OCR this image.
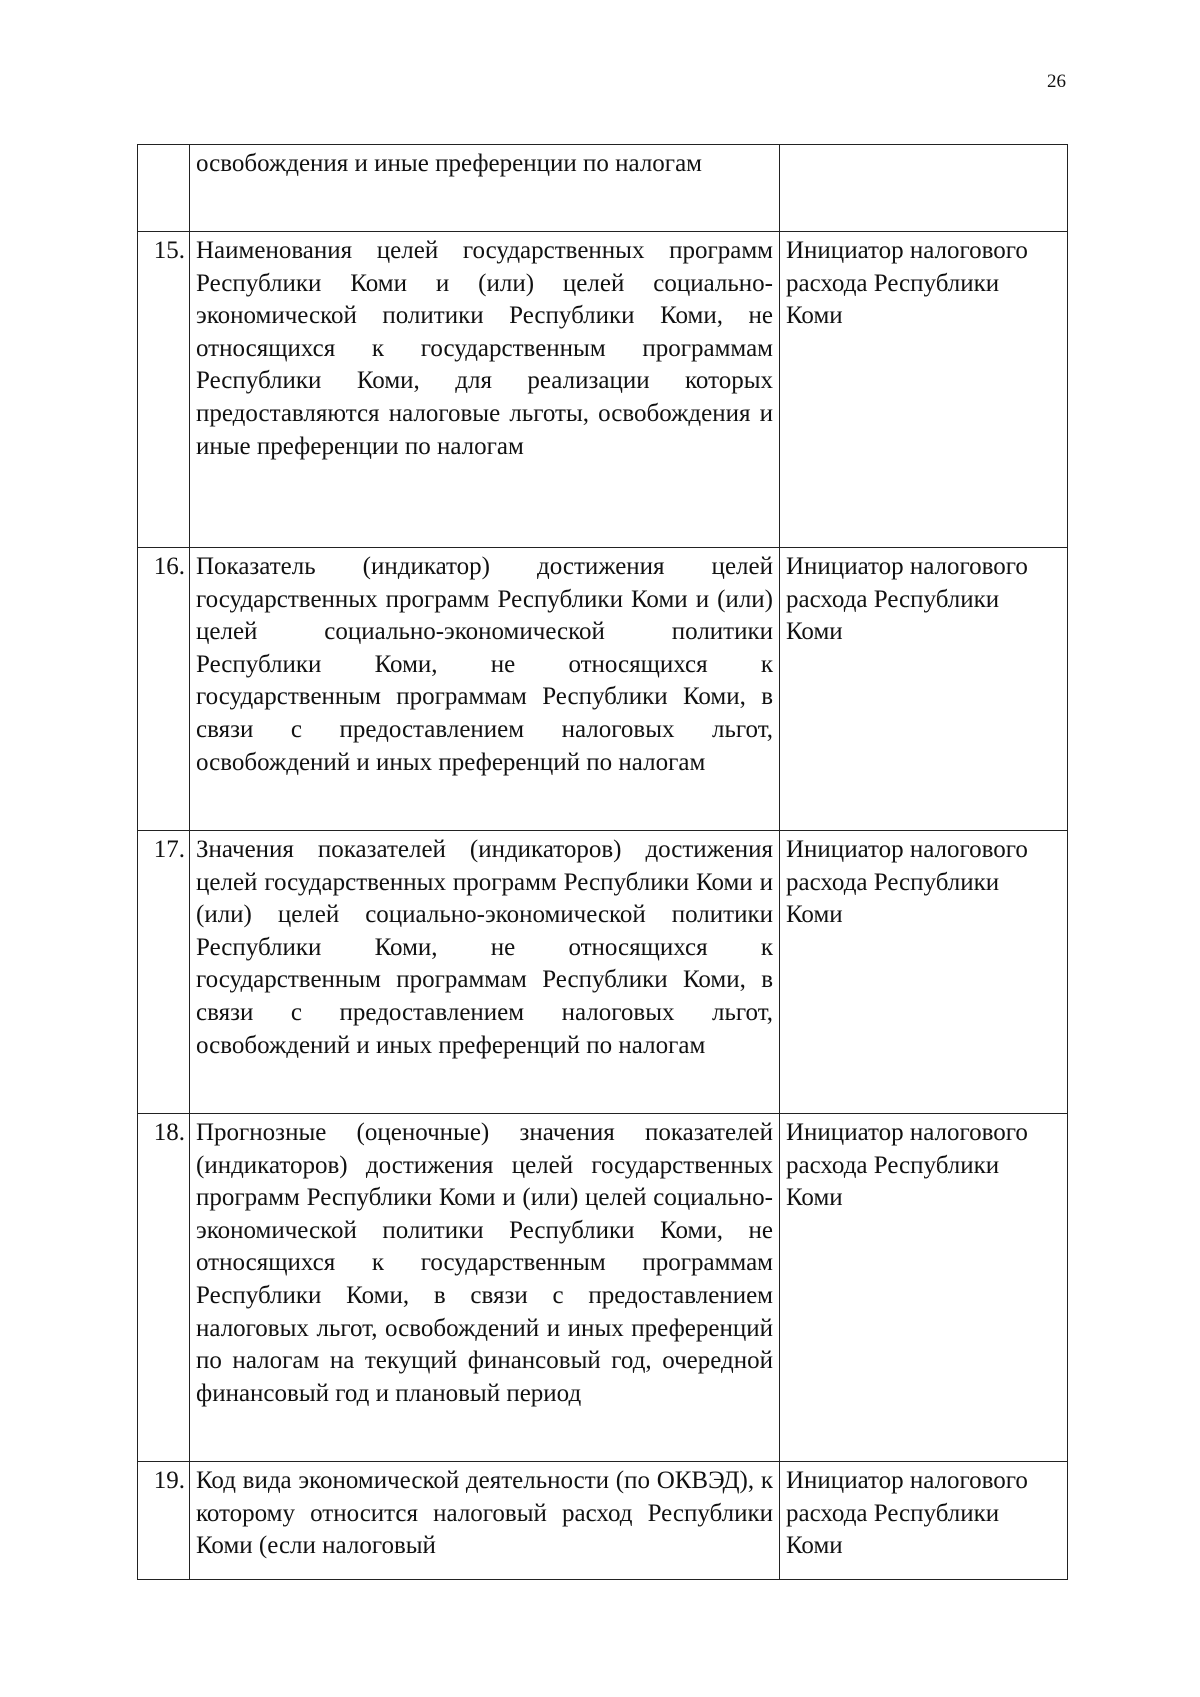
26
	освобождения и иные преференции по налогам	
15.	Наименования целей государственных программ Республики Коми и (или) целей социально-экономической политики Республики Коми, не относящихся к государственным программам Республики Коми, для реализации которых предоставляются налоговые льготы, освобождения и иные преференции по налогам	Инициатор налогового расхода Республики Коми
16.	Показатель (индикатор) достижения целей государственных программ Республики Коми и (или) целей социально-экономической политики Республики Коми, не относящихся к государственным программам Республики Коми, в связи с предоставлением налоговых льгот, освобождений и иных преференций по налогам	Инициатор налогового расхода Республики Коми
17.	Значения показателей (индикаторов) достижения целей государственных программ Республики Коми и (или) целей социально-экономической политики Республики Коми, не относящихся к государственным программам Республики Коми, в связи с предоставлением налоговых льгот, освобождений и иных преференций по налогам	Инициатор налогового расхода Республики Коми
18.	Прогнозные (оценочные) значения показателей (индикаторов) достижения целей государственных программ Республики Коми и (или) целей социально-экономической политики Республики Коми, не относящихся к государственным программам Республики Коми, в связи с предоставлением налоговых льгот, освобождений и иных преференций по налогам на текущий финансовый год, очередной финансовый год и плановый период	Инициатор налогового расхода Республики Коми
19.	Код вида экономической деятельности (по ОКВЭД), к которому относится налоговый расход Республики Коми (если налоговый	Инициатор налогового расхода Республики Коми
